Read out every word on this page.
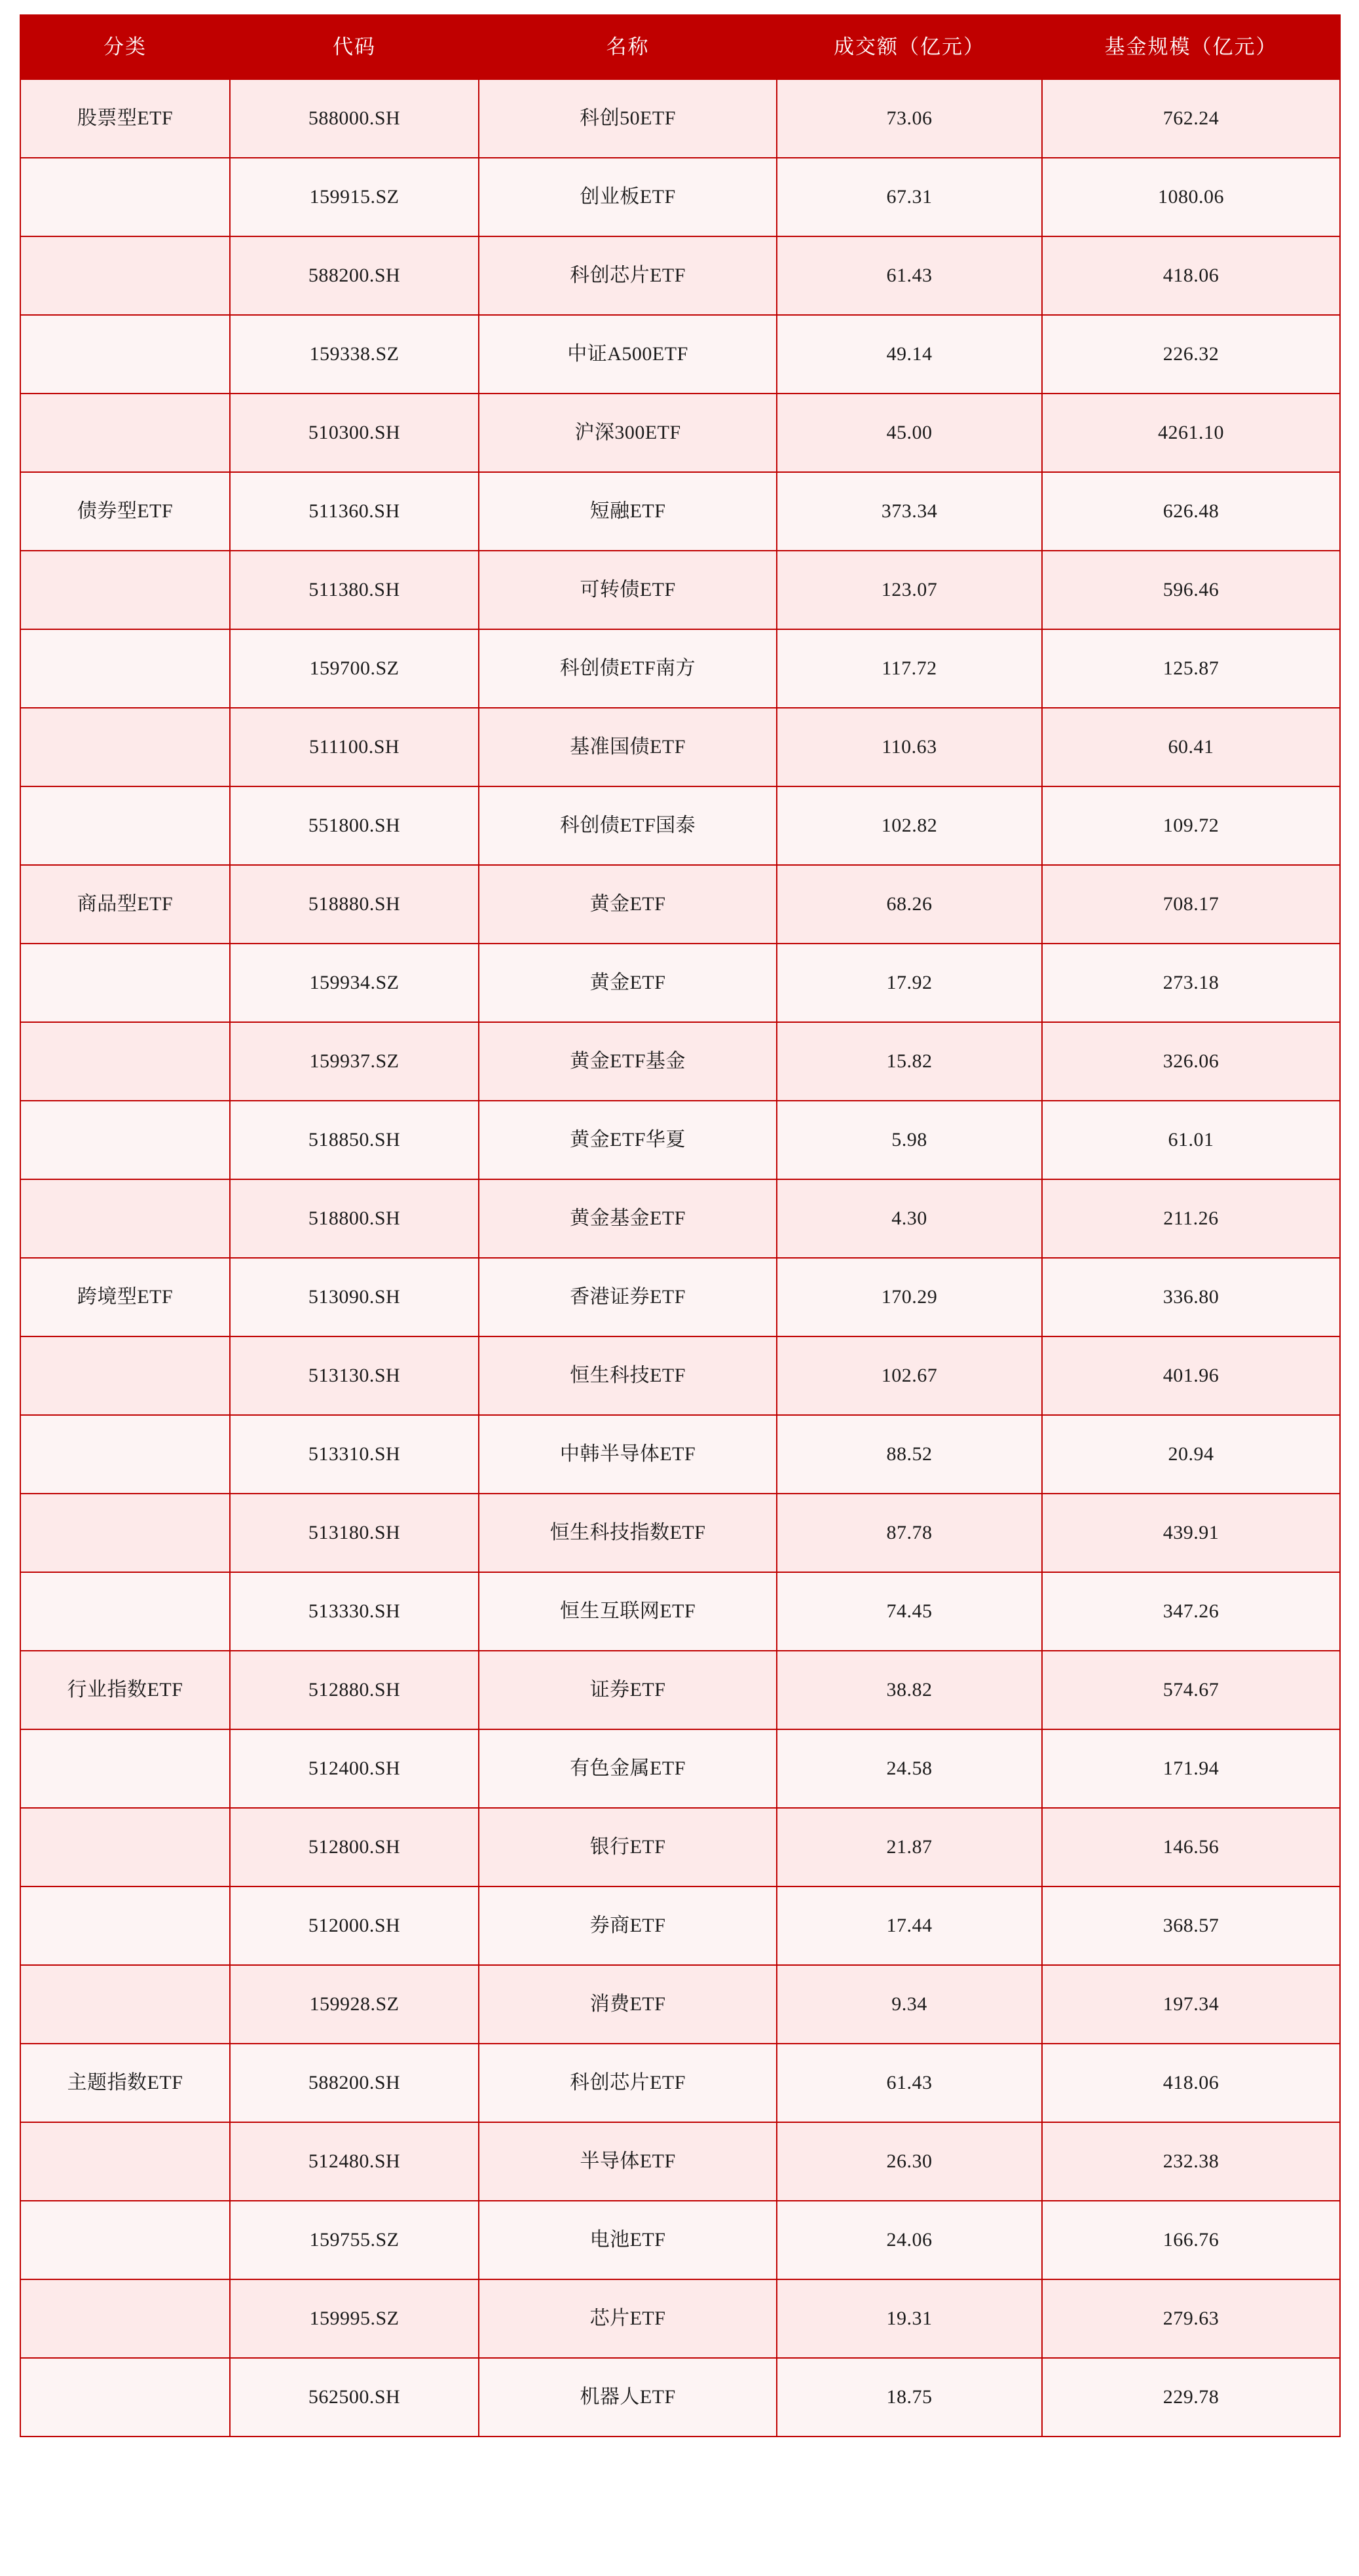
分类	代码	名称	成交额（亿元）	基金规模（亿元）
股票型ETF	588000.SH	科创50ETF	73.06	762.24
	159915.SZ	创业板ETF	67.31	1080.06
	588200.SH	科创芯片ETF	61.43	418.06
	159338.SZ	中证A500ETF	49.14	226.32
	510300.SH	沪深300ETF	45.00	4261.10
债券型ETF	511360.SH	短融ETF	373.34	626.48
	511380.SH	可转债ETF	123.07	596.46
	159700.SZ	科创债ETF南方	117.72	125.87
	511100.SH	基准国债ETF	110.63	60.41
	551800.SH	科创债ETF国泰	102.82	109.72
商品型ETF	518880.SH	黄金ETF	68.26	708.17
	159934.SZ	黄金ETF	17.92	273.18
	159937.SZ	黄金ETF基金	15.82	326.06
	518850.SH	黄金ETF华夏	5.98	61.01
	518800.SH	黄金基金ETF	4.30	211.26
跨境型ETF	513090.SH	香港证券ETF	170.29	336.80
	513130.SH	恒生科技ETF	102.67	401.96
	513310.SH	中韩半导体ETF	88.52	20.94
	513180.SH	恒生科技指数ETF	87.78	439.91
	513330.SH	恒生互联网ETF	74.45	347.26
行业指数ETF	512880.SH	证券ETF	38.82	574.67
	512400.SH	有色金属ETF	24.58	171.94
	512800.SH	银行ETF	21.87	146.56
	512000.SH	券商ETF	17.44	368.57
	159928.SZ	消费ETF	9.34	197.34
主题指数ETF	588200.SH	科创芯片ETF	61.43	418.06
	512480.SH	半导体ETF	26.30	232.38
	159755.SZ	电池ETF	24.06	166.76
	159995.SZ	芯片ETF	19.31	279.63
	562500.SH	机器人ETF	18.75	229.78
